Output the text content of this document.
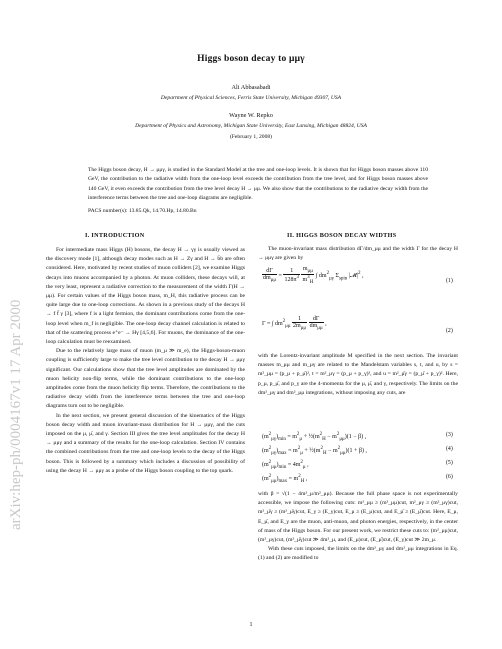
arXiv:hep-ph/0004167v1 17 Apr 2000
Higgs boson decay to μμγ
Ali Abbasabadi
Department of Physical Sciences, Ferris State University, Michigan 49307, USA
Wayne W. Repko
Department of Physics and Astronomy, Michigan State University, East Lansing, Michigan 48824, USA
(February 1, 2008)
The Higgs boson decay, H → μμγ, is studied in the Standard Model at the tree and one-loop levels. It is shown that for Higgs boson masses above 110 GeV, the contribution to the radiative width from the one-loop level exceeds the contribution from the tree level, and for Higgs boson masses above 140 GeV, it even exceeds the contribution from the tree level decay H → μμ. We also show that the contributions to the radiative decay width from the interference terms between the tree and one-loop diagrams are negligible.
PACS number(s): 13.85.Qk, 14.70.Hp, 14.80.Bn
I. INTRODUCTION

For intermediate mass Higgs (H) bosons, the decay H → γγ is usually viewed as the discovery mode [1], although decay modes such as H → Zγ and H → b̄b are often considered. Here, motivated by recent studies of muon colliders [2], we examine Higgs decays into muons accompanied by a photon. At muon colliders, these decays will, at the very least, represent a radiative correction to the measurement of the width Γ(H → μμ). For certain values of the Higgs boson mass, m_H, this radiative process can be quite large due to one-loop corrections. As shown in a previous study of the decays H → f f̄ γ [3], where f is a light fermion, the dominant contributions come from the one-loop level when m_f is negligible. The one-loop decay channel calculation is related to that of the scattering process e⁺e⁻ → Hγ [4,5,6]. For muons, the dominance of the one-loop calculation must be reexamined.

Due to the relatively large mass of muon (m_μ ≫ m_e), the Higgs-boson-muon coupling is sufficiently large to make the tree level contribution to the decay H → μμγ significant. Our calculations show that the tree level amplitudes are dominated by the muon helicity non-flip terms, while the dominant contributions to the one-loop amplitudes come from the muon helicity flip terms. Therefore, the contributions to the radiative decay width from the interference terms between the tree and one-loop diagrams turn out to be negligible.

In the next section, we present general discussion of the kinematics of the Higgs boson decay width and muon invariant-mass distribution for H → μμγ, and the cuts imposed on the μ, μ̄, and γ. Section III gives the tree level amplitudes for the decay H → μμγ and a summary of the results for the one-loop calculation. Section IV contains the combined contributions from the tree and one-loop levels to the decay of the Higgs boson. This is followed by a summary which includes a discussion of possibility of using the decay H → μμγ as a probe of the Higgs boson coupling to the top quark.

II. HIGGS BOSON DECAY WIDTHS

The muon-invariant mass distribution dΓ/dm_μμ and the width Γ for the decay H → μμγ are given by

$\frac{d\Gamma}{dm_{\mu\mu}} = \frac{1}{128\pi^3}$
$\frac{m_{\mu\mu}}{m^3_H}$ ∫ $dm^2_{\mu\gamma}$ $\Sigma_{spin}$ $|𝓜|^2$ ,
(1)
Γ = ∫ $dm^2_{\mu\mu} \frac{1}{2m_{\mu\mu}}$
$\frac{d\Gamma}{dm_{\mu\mu}}$ ,
(2)

with the Lorentz-invariant amplitude M specified in the next section. The invariant masses m_μμ and m_μγ are related to the Mandelstam variables s, t, and u, by s = m²_μμ = (p_μ + p_μ̄)², t = m²_μγ = (p_μ + p_γ)², and u = m²_μ̄γ = (p_μ̄ + p_γ)². Here, p_μ, p_μ̄, and p_γ are the 4-momenta for the μ, μ̄, and γ, respectively. The limits on the dm²_μγ and dm²_μμ integrations, without imposing any cuts, are

$(m^2_{\mu\gamma})_{min} = m^2_\mu$ + $\frac{1}{2}(m^2_H - m^2_{\mu\mu})(1 - \beta)$ ,	(3)
$(m^2_{\mu\gamma})_{max} = m^2_\mu$ + $\frac{1}{2}(m^2_H - m^2_{\mu\mu})(1 + \beta)$ ,	(4)
$(m^2_{\mu\mu})_{min} = 4m^2_\mu$ ,	(5)
$(m^2_{\mu\mu})_{max} = m^2_H$ ,	(6)

with β = √(1 − 4m²_μ/m²_μμ). Because the full phase space is not experimentally accessible, we impose the following cuts: m²_μμ ≥ (m²_μμ)cut, m²_μγ ≥ (m²_μγ)cut, m²_μ̄γ ≥ (m²_μ̄γ)cut, E_γ ≥ (E_γ)cut, E_μ ≥ (E_μ)cut, and E_μ̄ ≥ (E_μ̄)cut. Here, E_μ, E_μ̄, and E_γ are the muon, anti-muon, and photon energies, respectively, in the center of mass of the Higgs boson. For our present work, we restrict these cuts to: (m²_μμ)cut, (m²_μγ)cut, (m²_μ̄γ)cut ≫ 4m²_μ, and (E_μ)cut, (E_μ̄)cut, (E_γ)cut ≫ 2m_μ.

With these cuts imposed, the limits on the dm²_μγ and dm²_μμ integrations in Eq. (1) and (2) are modified to

1
